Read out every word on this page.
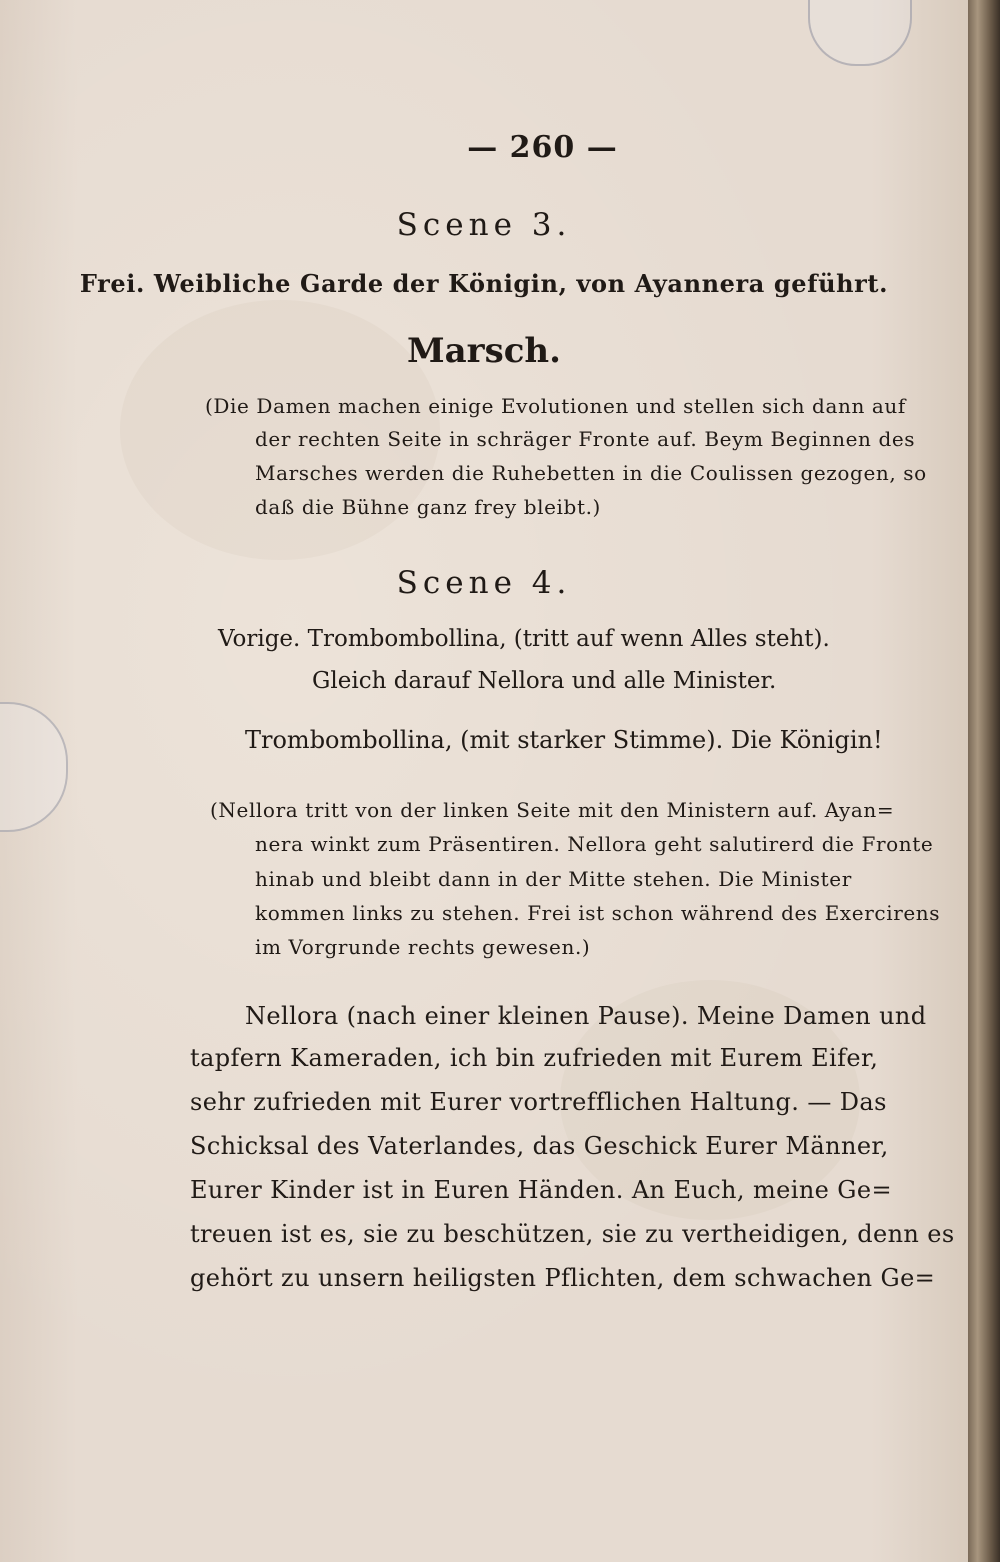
— 260 —
Scene 3.
Frei. Weibliche Garde der Königin, von Ayannera geführt.
Marsch.
(Die Damen machen einige Evolutionen und stellen sich dann auf
der rechten Seite in schräger Fronte auf. Beym Beginnen des
Marsches werden die Ruhebetten in die Coulissen gezogen, so
daß die Bühne ganz frey bleibt.)
Scene 4.
Vorige. Trombombollina, (tritt auf wenn Alles steht).
Gleich darauf Nellora und alle Minister.
Trombombollina, (mit starker Stimme). Die Königin!
(Nellora tritt von der linken Seite mit den Ministern auf. Ayan=
nera winkt zum Präsentiren. Nellora geht salutirerd die Fronte
hinab und bleibt dann in der Mitte stehen. Die Minister
kommen links zu stehen. Frei ist schon während des Exercirens
im Vorgrunde rechts gewesen.)
Nellora (nach einer kleinen Pause). Meine Damen und
tapfern Kameraden, ich bin zufrieden mit Eurem Eifer,
sehr zufrieden mit Eurer vortrefflichen Haltung. — Das
Schicksal des Vaterlandes, das Geschick Eurer Männer,
Eurer Kinder ist in Euren Händen. An Euch, meine Ge=
treuen ist es, sie zu beschützen, sie zu vertheidigen, denn es
gehört zu unsern heiligsten Pflichten, dem schwachen Ge=
